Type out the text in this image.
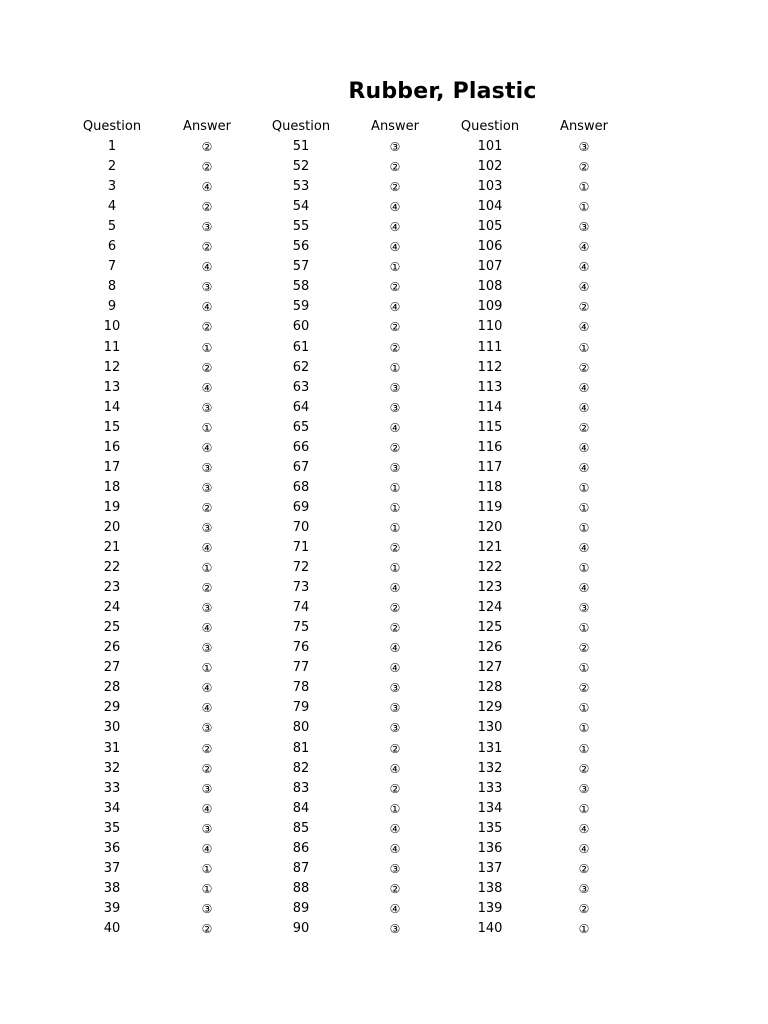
Rubber, Plastic
Question	Answer	Question	Answer	Question	Answer
1	②	51	③	101	③
2	②	52	②	102	②
3	④	53	②	103	①
4	②	54	④	104	①
5	③	55	④	105	③
6	②	56	④	106	④
7	④	57	①	107	④
8	③	58	②	108	④
9	④	59	④	109	②
10	②	60	②	110	④
11	①	61	②	111	①
12	②	62	①	112	②
13	④	63	③	113	④
14	③	64	③	114	④
15	①	65	④	115	②
16	④	66	②	116	④
17	③	67	③	117	④
18	③	68	①	118	①
19	②	69	①	119	①
20	③	70	①	120	①
21	④	71	②	121	④
22	①	72	①	122	①
23	②	73	④	123	④
24	③	74	②	124	③
25	④	75	②	125	①
26	③	76	④	126	②
27	①	77	④	127	①
28	④	78	③	128	②
29	④	79	③	129	①
30	③	80	③	130	①
31	②	81	②	131	①
32	②	82	④	132	②
33	③	83	②	133	③
34	④	84	①	134	①
35	③	85	④	135	④
36	④	86	④	136	④
37	①	87	③	137	②
38	①	88	②	138	③
39	③	89	④	139	②
40	②	90	③	140	①
